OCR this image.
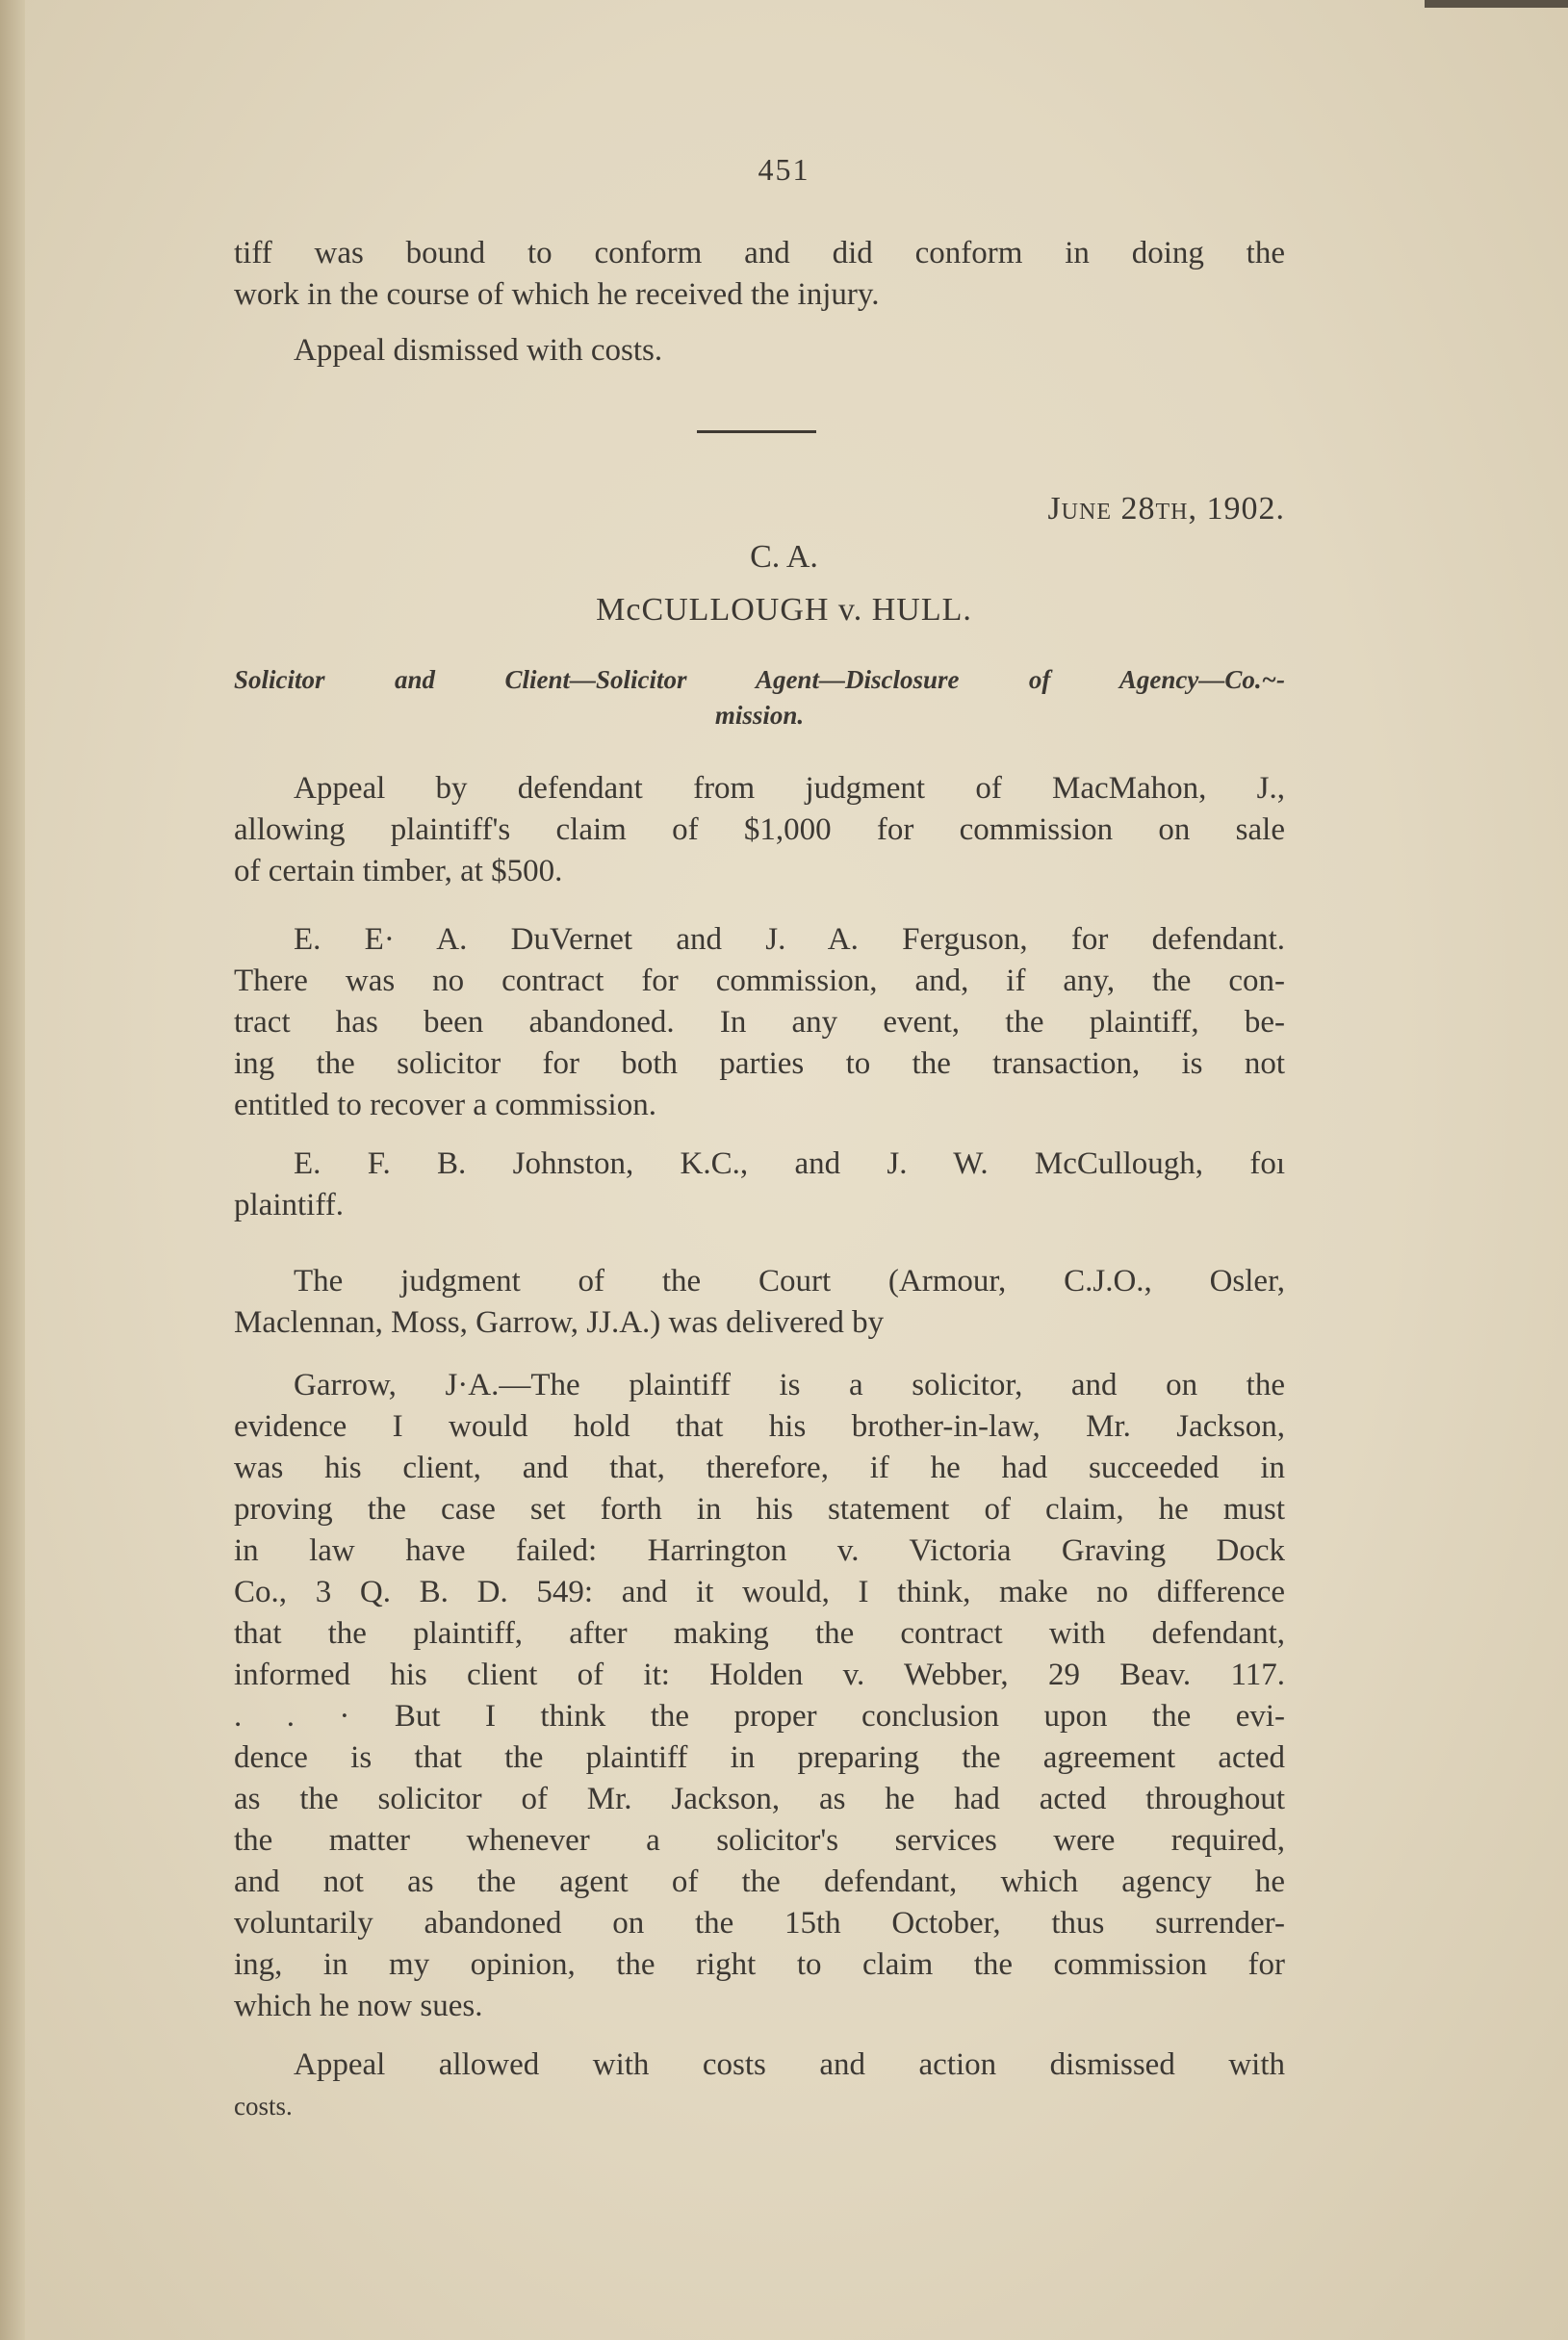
451
tiff was bound to conform and did conform in doing the
work in the course of which he received the injury.
Appeal dismissed with costs.
June 28th, 1902.
C. A.
McCULLOUGH v. HULL.
Solicitor and Client—Solicitor Agent—Disclosure of Agency—Co.~-
mission.
Appeal by defendant from judgment of MacMahon, J.,
allowing plaintiff's claim of $1,000 for commission on sale
of certain timber, at $500.
E. E· A. DuVernet and J. A. Ferguson, for defendant.
There was no contract for commission, and, if any, the con-
tract has been abandoned. In any event, the plaintiff, be-
ing the solicitor for both parties to the transaction, is not
entitled to recover a commission.
E. F. B. Johnston, K.C., and J. W. McCullough, foı
plaintiff.
The judgment of the Court (Armour, C.J.O., Osler,
Maclennan, Moss, Garrow, JJ.A.) was delivered by
Garrow, J·A.—The plaintiff is a solicitor, and on the
evidence I would hold that his brother-in-law, Mr. Jackson,
was his client, and that, therefore, if he had succeeded in
proving the case set forth in his statement of claim, he must
in law have failed: Harrington v. Victoria Graving Dock
Co., 3 Q. B. D. 549: and it would, I think, make no difference
that the plaintiff, after making the contract with defendant,
informed his client of it: Holden v. Webber, 29 Beav. 117.
. . · But I think the proper conclusion upon the evi-
dence is that the plaintiff in preparing the agreement acted
as the solicitor of Mr. Jackson, as he had acted throughout
the matter whenever a solicitor's services were required,
and not as the agent of the defendant, which agency he
voluntarily abandoned on the 15th October, thus surrender-
ing, in my opinion, the right to claim the commission for
which he now sues.
Appeal allowed with costs and action dismissed with
costs.
